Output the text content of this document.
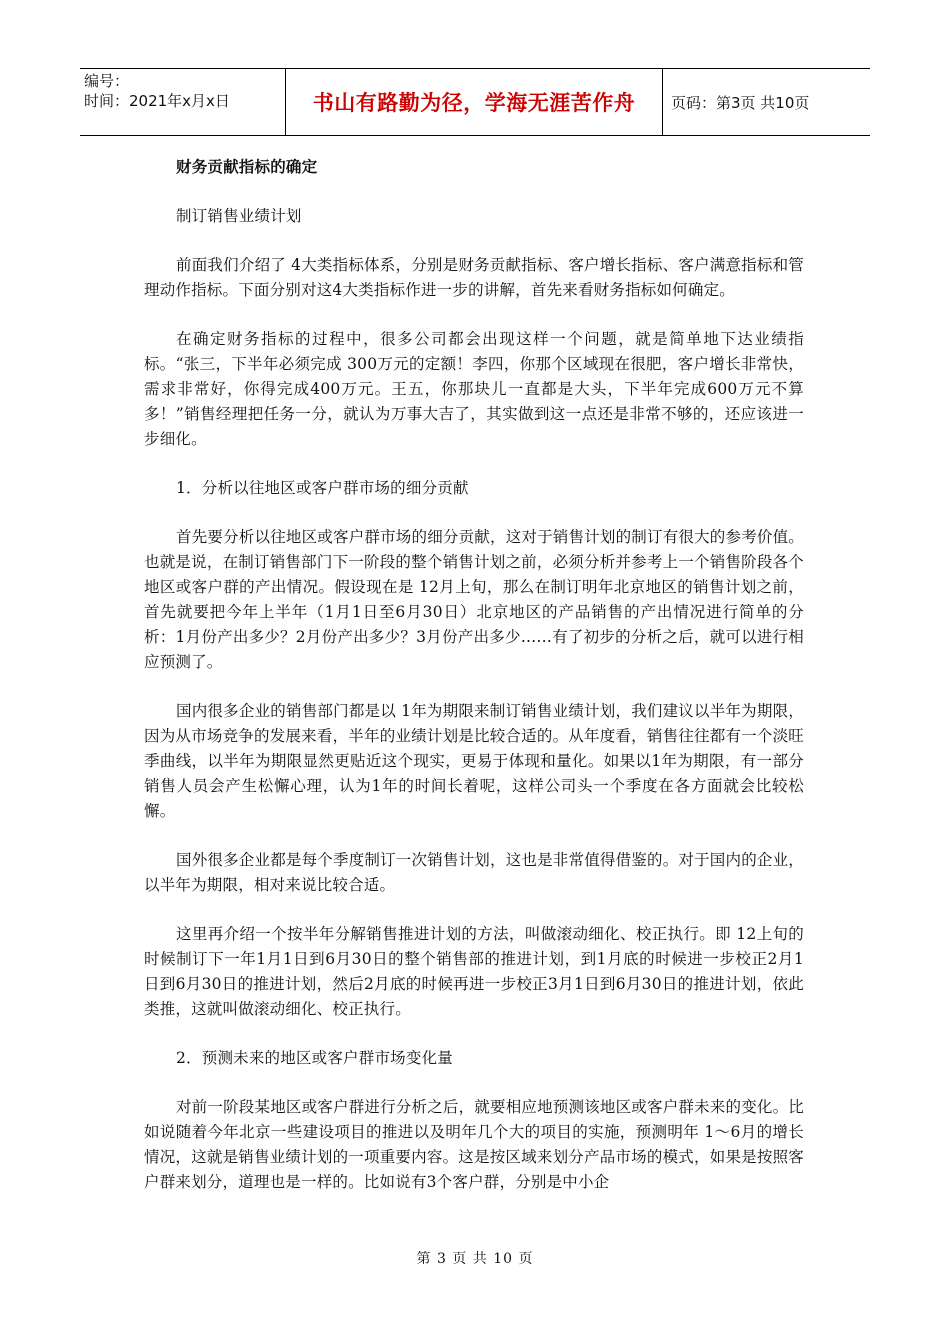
编号：
时间：2021年x月x日	书山有路勤为径，学海无涯苦作舟	页码：第3页 共10页

财务贡献指标的确定

制订销售业绩计划

前面我们介绍了 4大类指标体系，分别是财务贡献指标、客户增长指标、客户满意指标和管理动作指标。下面分别对这4大类指标作进一步的讲解，首先来看财务指标如何确定。

在确定财务指标的过程中，很多公司都会出现这样一个问题，就是简单地下达业绩指标。“张三，下半年必须完成 300万元的定额！李四，你那个区域现在很肥，客户增长非常快，需求非常好，你得完成400万元。王五，你那块儿一直都是大头，下半年完成600万元不算多！”销售经理把任务一分，就认为万事大吉了，其实做到这一点还是非常不够的，还应该进一步细化。

1．分析以往地区或客户群市场的细分贡献

首先要分析以往地区或客户群市场的细分贡献，这对于销售计划的制订有很大的参考价值。也就是说，在制订销售部门下一阶段的整个销售计划之前，必须分析并参考上一个销售阶段各个地区或客户群的产出情况。假设现在是 12月上旬，那么在制订明年北京地区的销售计划之前，首先就要把今年上半年（1月1日至6月30日）北京地区的产品销售的产出情况进行简单的分析：1月份产出多少？2月份产出多少？3月份产出多少……有了初步的分析之后，就可以进行相应预测了。

国内很多企业的销售部门都是以 1年为期限来制订销售业绩计划，我们建议以半年为期限，因为从市场竞争的发展来看，半年的业绩计划是比较合适的。从年度看，销售往往都有一个淡旺季曲线，以半年为期限显然更贴近这个现实，更易于体现和量化。如果以1年为期限，有一部分销售人员会产生松懈心理，认为1年的时间长着呢，这样公司头一个季度在各方面就会比较松懈。

国外很多企业都是每个季度制订一次销售计划，这也是非常值得借鉴的。对于国内的企业，以半年为期限，相对来说比较合适。

这里再介绍一个按半年分解销售推进计划的方法，叫做滚动细化、校正执行。即 12上旬的时候制订下一年1月1日到6月30日的整个销售部的推进计划，到1月底的时候进一步校正2月1日到6月30日的推进计划，然后2月底的时候再进一步校正3月1日到6月30日的推进计划，依此类推，这就叫做滚动细化、校正执行。

2．预测未来的地区或客户群市场变化量

对前一阶段某地区或客户群进行分析之后，就要相应地预测该地区或客户群未来的变化。比如说随着今年北京一些建设项目的推进以及明年几个大的项目的实施，预测明年 1～6月的增长情况，这就是销售业绩计划的一项重要内容。这是按区域来划分产品市场的模式，如果是按照客户群来划分，道理也是一样的。比如说有3个客户群，分别是中小企

第 3 页 共 10 页
